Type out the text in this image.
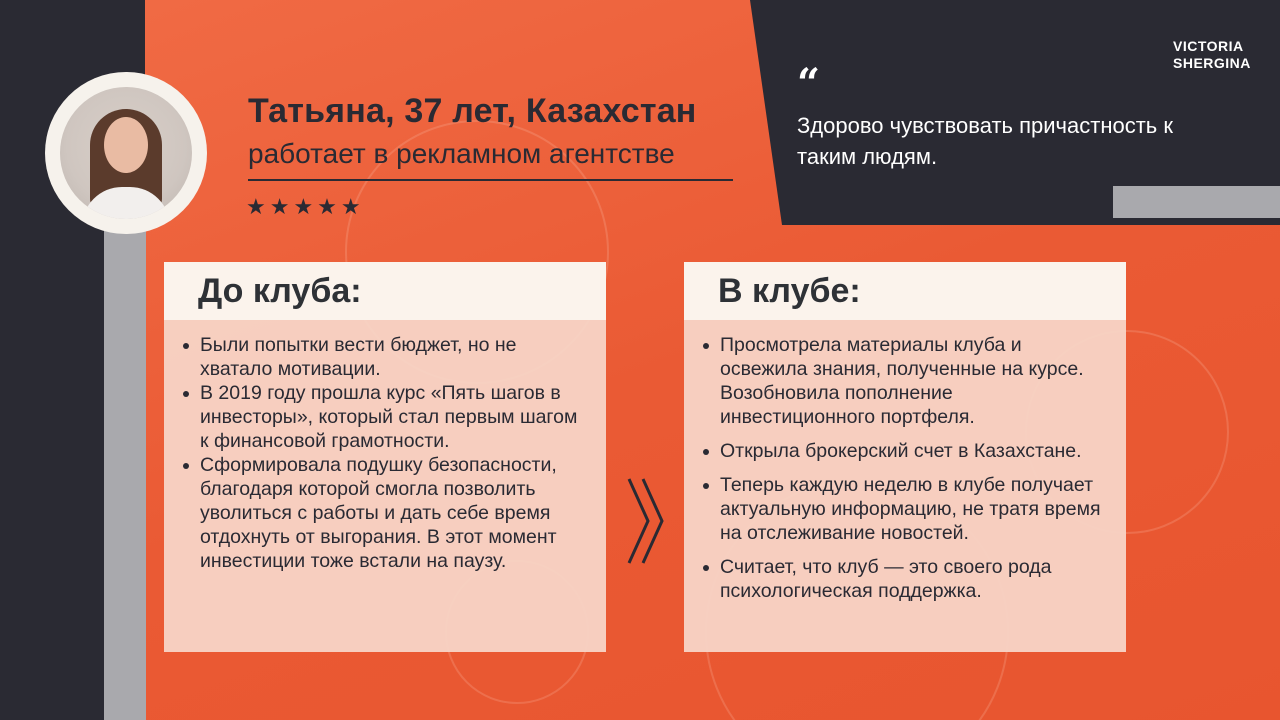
Татьяна, 37 лет, Казахстан
работает в рекламном агентстве
★★★★★
“
Здорово чувствовать причастность к таким людям.
VICTORIA
SHERGINA
До клуба:
Были попытки вести бюджет, но не хватало мотивации.
В 2019 году прошла курс «Пять шагов в инвесторы», который стал первым шагом к финансовой грамотности.
Сформировала подушку безопасности, благодаря которой смогла позволить уволиться с работы и дать себе время отдохнуть от выгорания. В этот момент инвестиции тоже встали на паузу.
В клубе:
Просмотрела материалы клуба и освежила знания, полученные на курсе. Возобновила пополнение инвестиционного портфеля.
Открыла брокерский счет в Казахстане.
Теперь каждую неделю в клубе получает актуальную информацию, не тратя время на отслеживание новостей.
Считает, что клуб — это своего рода психологическая поддержка.
